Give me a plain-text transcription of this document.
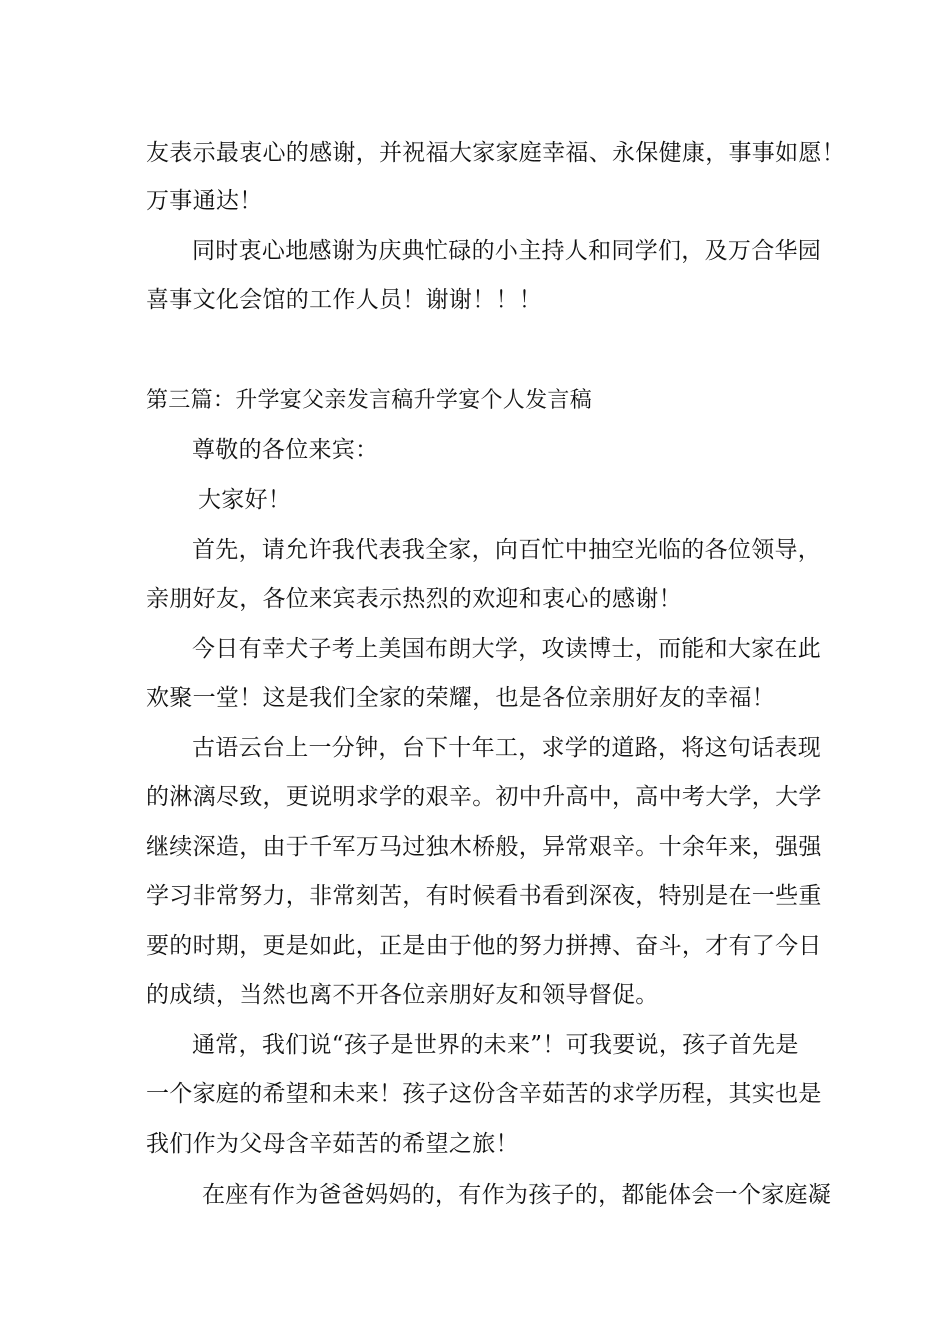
友表示最衷心的感谢，并祝福大家家庭幸福、永保健康，事事如愿！
万事通达！
同时衷心地感谢为庆典忙碌的小主持人和同学们，及万合华园
喜事文化会馆的工作人员！谢谢！！！
第三篇：升学宴父亲发言稿升学宴个人发言稿
尊敬的各位来宾：
大家好！
首先，请允许我代表我全家，向百忙中抽空光临的各位领导，
亲朋好友，各位来宾表示热烈的欢迎和衷心的感谢！
今日有幸犬子考上美国布朗大学，攻读博士，而能和大家在此
欢聚一堂！这是我们全家的荣耀，也是各位亲朋好友的幸福！
古语云台上一分钟，台下十年工，求学的道路，将这句话表现
的淋漓尽致，更说明求学的艰辛。初中升高中，高中考大学，大学
继续深造，由于千军万马过独木桥般，异常艰辛。十余年来，强强
学习非常努力，非常刻苦，有时候看书看到深夜，特别是在一些重
要的时期，更是如此，正是由于他的努力拼搏、奋斗，才有了今日
的成绩，当然也离不开各位亲朋好友和领导督促。
通常，我们说“孩子是世界的未来”！可我要说，孩子首先是
一个家庭的希望和未来！孩子这份含辛茹苦的求学历程，其实也是
我们作为父母含辛茹苦的希望之旅！
在座有作为爸爸妈妈的，有作为孩子的，都能体会一个家庭凝
